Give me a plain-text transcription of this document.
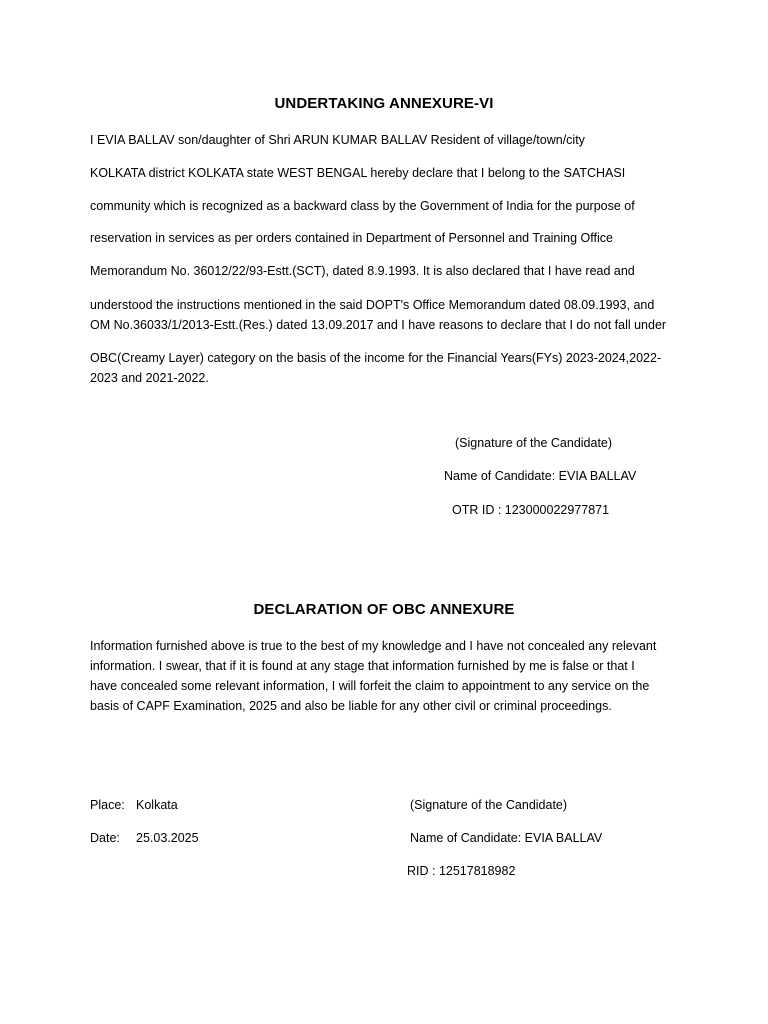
UNDERTAKING ANNEXURE-VI
I EVIA BALLAV son/daughter of Shri ARUN KUMAR BALLAV Resident of village/town/city
KOLKATA district KOLKATA state WEST BENGAL hereby declare that I belong to the SATCHASI
community which is recognized as a backward class by the Government of India for the purpose of
reservation in services as per orders contained in Department of Personnel and Training Office
Memorandum No. 36012/22/93-Estt.(SCT), dated 8.9.1993. It is also declared that I have read and
understood the instructions mentioned in the said DOPT's Office Memorandum dated 08.09.1993, and
OM No.36033/1/2013-Estt.(Res.) dated 13.09.2017 and I have reasons to declare that I do not fall under
OBC(Creamy Layer) category on the basis of the income for the Financial Years(FYs) 2023-2024,2022-
2023 and 2021-2022.
(Signature of the Candidate)
Name of Candidate: EVIA BALLAV
OTR ID : 123000022977871
DECLARATION OF OBC ANNEXURE
Information furnished above is true to the best of my knowledge and I have not concealed any relevant
information. I swear, that if it is found at any stage that information furnished by me is false or that I
have concealed some relevant information, I will forfeit the claim to appointment to any service on the
basis of CAPF Examination, 2025 and also be liable for any other civil or criminal proceedings.
Place: Kolkata	(Signature of the Candidate)
Date: 25.03.2025	Name of Candidate: EVIA BALLAV
RID : 12517818982
